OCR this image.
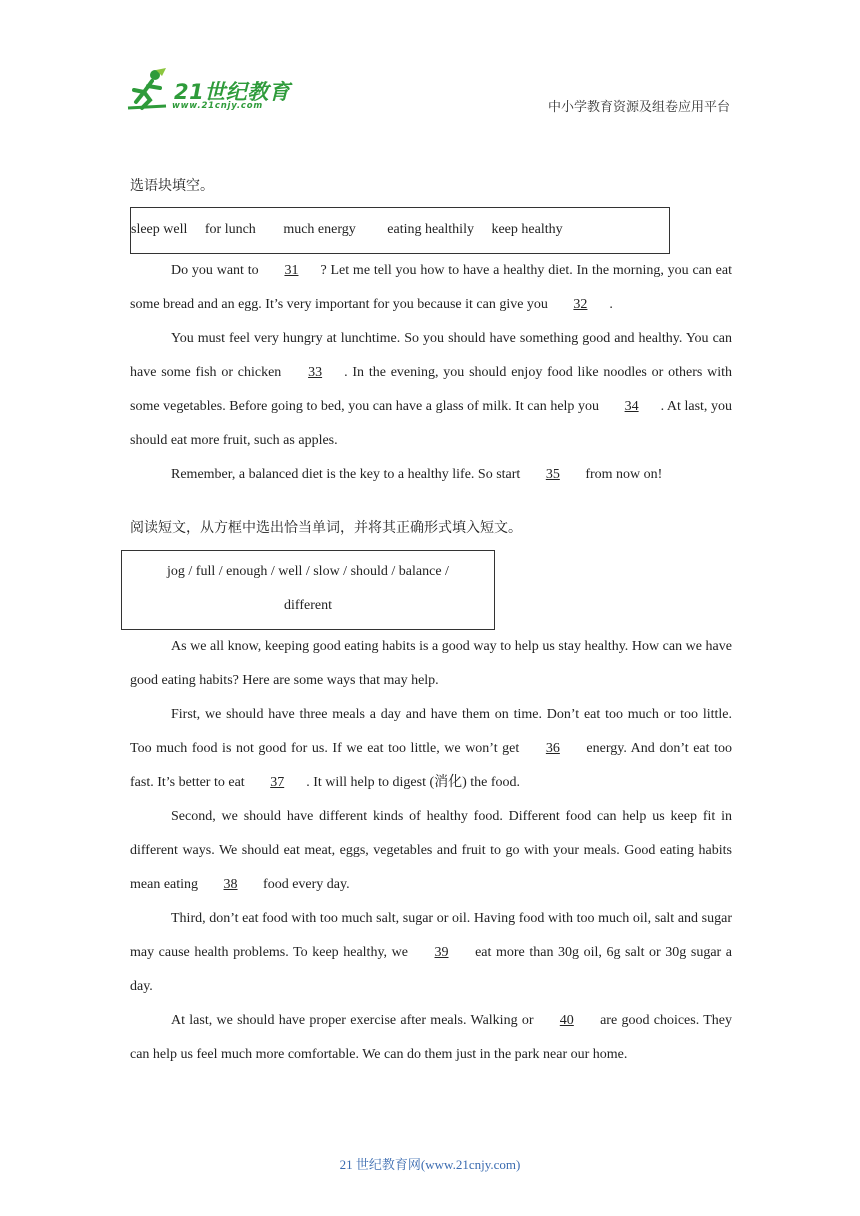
21世纪教育
www.21cnjy.com	中小学教育资源及组卷应用平台

选语块填空。

sleep well for lunch much energy eating healthily keep healthy

Do you want to 31 ? Let me tell you how to have a healthy diet. In the morning, you can eat some bread and an egg. It’s very important for you because it can give you 32 .

You must feel very hungry at lunchtime. So you should have something good and healthy. You can have some fish or chicken 33 . In the evening, you should enjoy food like noodles or others with some vegetables. Before going to bed, you can have a glass of milk. It can help you 34 . At last, you should eat more fruit, such as apples.

Remember, a balanced diet is the key to a healthy life. So start 35 from now on!

阅读短文，从方框中选出恰当单词，并将其正确形式填入短文。

jog / full / enough / well / slow / should / balance /
different

As we all know, keeping good eating habits is a good way to help us stay healthy. How can we have good eating habits? Here are some ways that may help.

First, we should have three meals a day and have them on time. Don’t eat too much or too little. Too much food is not good for us. If we eat too little, we won’t get 36 energy. And don’t eat too fast. It’s better to eat 37 . It will help to digest (消化) the food.

Second, we should have different kinds of healthy food. Different food can help us keep fit in different ways. We should eat meat, eggs, vegetables and fruit to go with your meals. Good eating habits mean eating 38 food every day.

Third, don’t eat food with too much salt, sugar or oil. Having food with too much oil, salt and sugar may cause health problems. To keep healthy, we 39 eat more than 30g oil, 6g salt or 30g sugar a day.

At last, we should have proper exercise after meals. Walking or 40 are good choices. They can help us feel much more comfortable. We can do them just in the park near our home.

21 世纪教育网(www.21cnjy.com)
